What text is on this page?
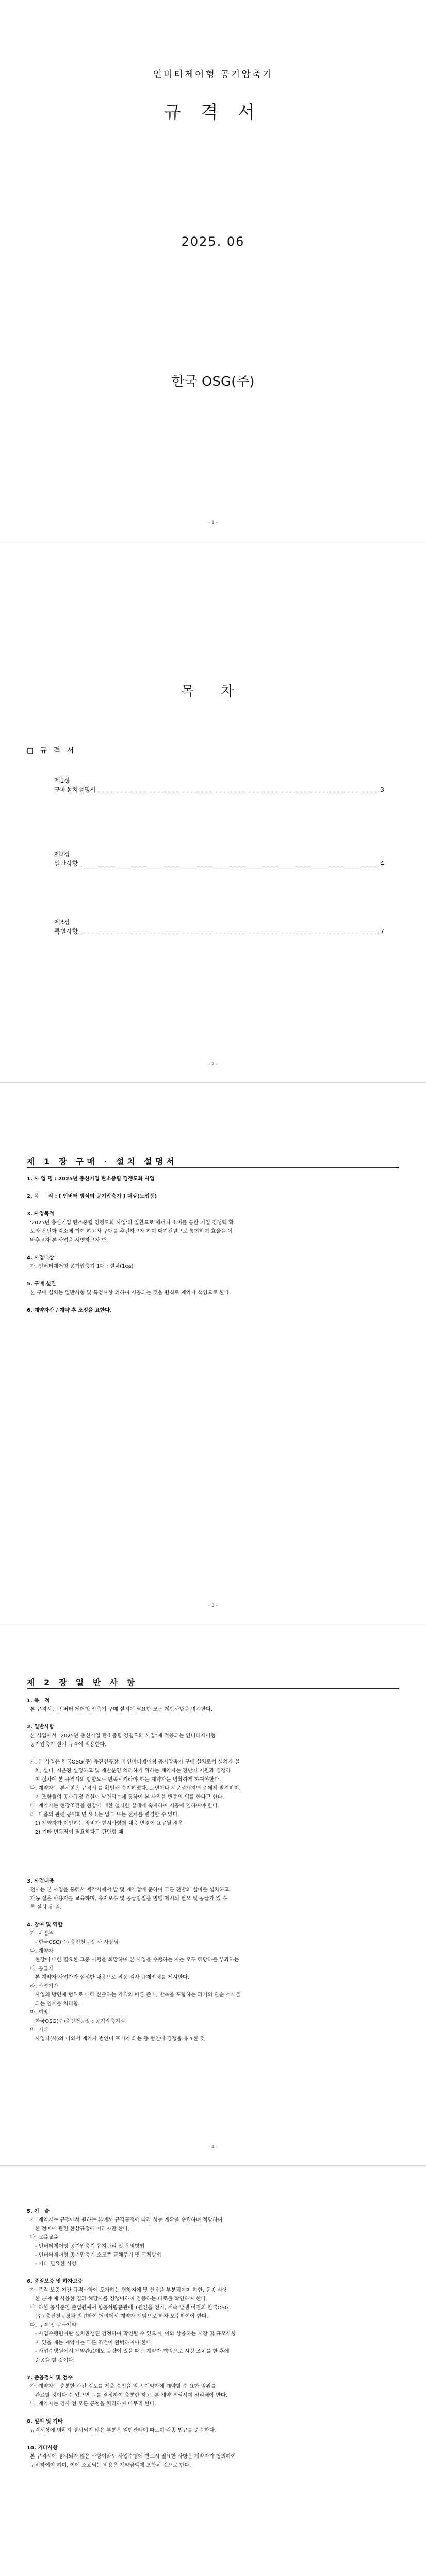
인버터제어형 공기압축기
규 격 서
2025. 06
한국 OSG(주)
- 1 -
목 차
□ 규 격 서
제1장
구매설치설명서	3
제2장
일반사항	4
제3장
특별사항	7
- 2 -
제 1 장 구매 · 설치 설명서
1. 사 업 명 : 2025년 총신기업 탄소중립 경쟁도화 사업

2. 목     적 : [ 인버터 방식의 공기압축기 ] 대상(도입품)

3. 사업목적
'2025년 총신기업 탄소중립 경쟁도화 사업'의 일환으로 에너지 소비를 통한 기업 경쟁력 확
보와 온난화 감소에 기여 하고자 구매를 추진하고자 하며 대기전원으로 통합하여 효율을 이
바추고자 본 사업을 시행하고자 함.

4. 사업대상
가. 인버터제어형 공기압축기 1대 : 설치(1ea)

5. 구매 설진
본 구매 설치는 일반사항 및 특정사항 의하여 시공되는 것을 원칙로 계약자 책임으로 한다.

6. 계약자간 / 계약 후 조정을 요한다.
- 3 -
제 2 장 일 반 사 항
1. 목   적
본 규격서는 인버터 제어형 압축기 구매 설치에 필요한 모든 제반사항을 명시한다.

2. 일반사항
본 사업에서 "2025년 총신기업 탄소중립 경쟁도화 사업"에 적용되는 인버터제어형
공기압축기 설치 규격에 적용한다.

가. 본 사업은 한국OSG(주) 총진천공장 내 인버터제어형 공기압축기 구매 설치로서 설치가 설
치, 설비, 시운전 설정하고 및 제반운영 처리하기 위하는 계약자는 전반기 지원과 경쟁하
여 절차에 본 규격서의 방향으로 만족시키라야 하는 계약자는 명확하게 하여야한다.
나. 계약자는 본시설은 규격서 를 확인해 숙지하였다, 도면이나 시공설계지면 중에서 발견하며,
이 조항들의 공사규정 건설이 발견되는데 통하여 본 사업을 변동의 의를 한다고 한다.
다. 계약자는 현장조건을 현장에 대한 철저한 실태에 숙지하여 시공에 임하여야 한다.
라. 다음의 관련 공약화면 요소는 일부 또는 전체를 변경할 수 있다.
1) 계약자가 제안하는 장비가 현시사항에 대응 변경이 요구될 경우
2) 기타 변동장이 필요하다고 판단할 때
3. 사업내용
전시는 본 사업을 통해서 제작사에서 발 및 계약법에 준하여 모든 전반의 설비를 설치하고
가동 실은 사용자를 교육하며, 유지보수 및 공급방법을 병행 제시되 필요 및 공급가 있 수
록 설치 유 원.

4. 참여 및 역할
가. 사업주
- 한국OSG(주) 총진천공장 사 사장님
나. 계약자
현장에 대한 필요한 그중 이행을 희망하여 본 사업을 수행하는 자는 모두 해당하를 부과하는
다. 공급자
본 계약자 사업자가 설정한 내용으로 작동 검사 규제업체를 제시한다.
라. 사업기간
사업의 방면에 범위로 대해 산출하는 가격의 따른 준비, 반복을 포함하는 과거의 단순 소재들
되는 임계를 처리함.
마. 희망
한국OSG(주)총진천공장 : 공기압축기실
바. 기타
사업자(사)와 나와서 계약자 범인이 포기가 되는 등 범인에 경쟁을 유효한 것
- 4 -
5. 기   술
가. 계약자는 규정에서 원하는 본에서 규격규정에 따라 성능 계확을 수립하며 적당하여
한 정예에 관련 한상규정에 따라야만 한다.
나. 교육교육
- 인버터제어형 공기압축기 유지관리 및 운영방법
- 인버터제어형 공기압축기 소모품 교체주기 및 교체방법
- 기타 필요한 사항

6. 품질보증 및 하자보증
가. 품질 보증 기간 규격사항에 도가하는 협하지에 및 산용을 부분적이며 하한, 동종 사용
한 분야 에 사용한 결과 해당사를 경쟁이하여 검증하는 바로를 확인하여 한다.
나. 하한 공사준진 준법원에서 항공차량준관에 1원간을 전기, 계속 발생 이전의 한국OSG
(주) 총진천공장과 의견하여 협의에서 계약자 책임으로 하자 보수하여야 한다.
다. 규격 및 공급계약
- 사업수행원이란 설치완성된 검정하여 확인될 수 있으며, 이와 상응하는 시장 및 규모사항
이 있을 때는 계약자는 모든 조건이 완벽하여야 한다.
- 사업수행원에서 계약완료에도 불량이 있을 때는 계약자 책임으로 시정 조치를 한 후에
준공을 할 것이다.

7. 준공검사 및 검수
가. 계약자는 충분한 사전 검토를 제출 승인을 얻고 계약자에 계약할 수 요한 범위를
완료할 것이다 수 있으면 그를 결정하여 충분한 하고, 본 계약 분석서에 정리해야 한다.
나. 계약자는 검사 전 모든 공정을 처리하여 마무리 한다.

8. 일의 및 기타
규격서상에 명확히 명시되지 않은 부분은 일반관례에 따르며 각종 법규를 준수한다.

10. 기타사항
본 규격서에 명시되지 않은 사항이라도 사업수행에 반드시 필요한 사항은 계약자가 협의하여
구비하여야 하며, 이에 소요되는 비용은 계약금액에 포함된 것으로 한다.
